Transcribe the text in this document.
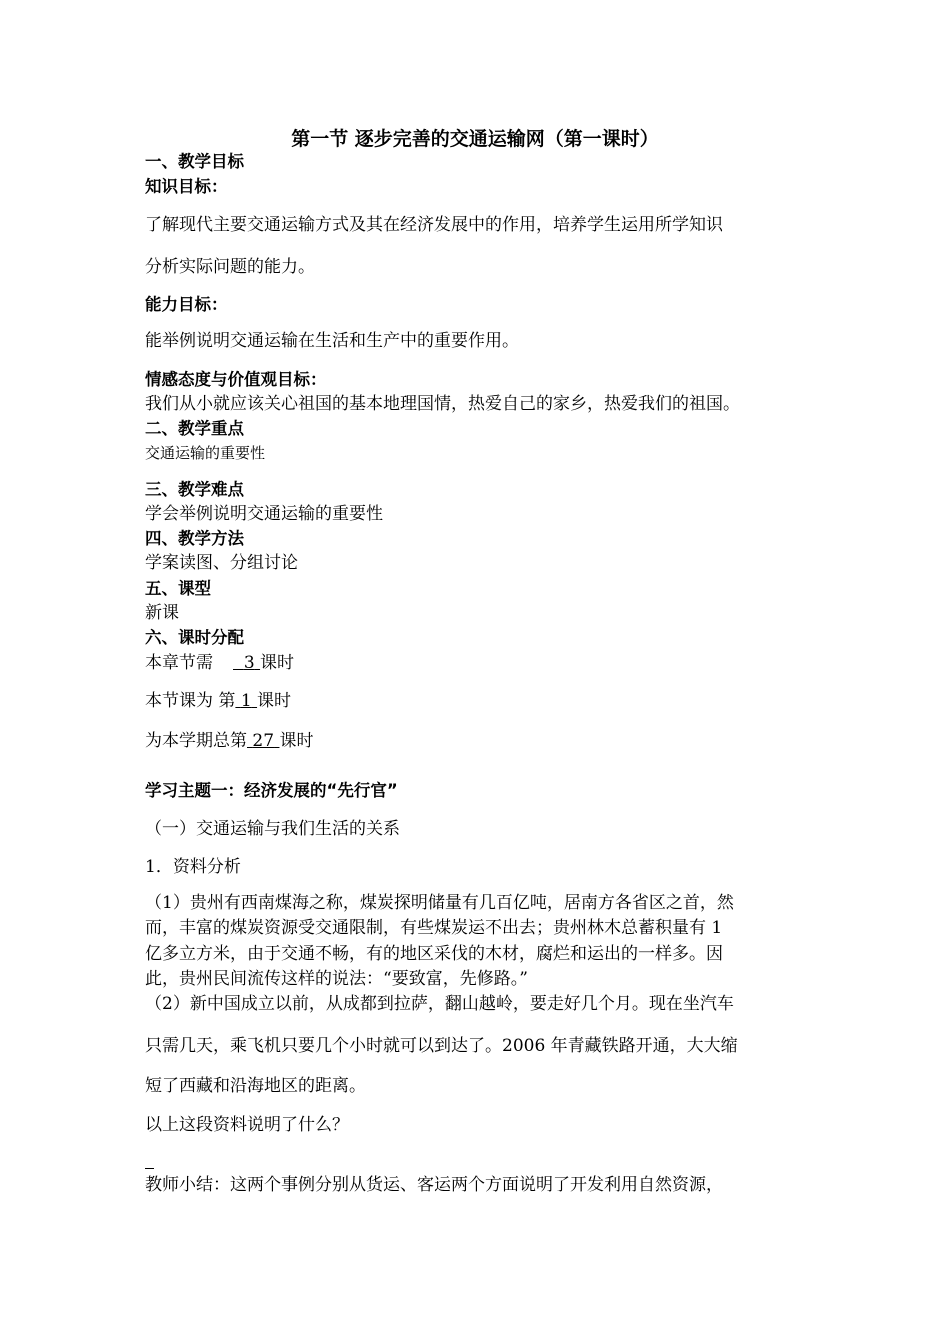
第一节 逐步完善的交通运输网（第一课时）
一、教学目标
知识目标：
了解现代主要交通运输方式及其在经济发展中的作用，培养学生运用所学知识
分析实际问题的能力。
能力目标：
能举例说明交通运输在生活和生产中的重要作用。
情感态度与价值观目标：
我们从小就应该关心祖国的基本地理国情，热爱自己的家乡，热爱我们的祖国。
二、教学重点
交通运输的重要性
三、教学难点
学会举例说明交通运输的重要性
四、教学方法
学案读图、分组讨论
五、课型
新课
六、课时分配
本章节需 3 课时
本节课为 第 1 课时
为本学期总第 27 课时
学习主题一：经济发展的“先行官”
（一）交通运输与我们生活的关系
1．资料分析
（1）贵州有西南煤海之称，煤炭探明储量有几百亿吨，居南方各省区之首，然
而，丰富的煤炭资源受交通限制，有些煤炭运不出去；贵州林木总蓄积量有 1
亿多立方米，由于交通不畅，有的地区采伐的木材，腐烂和运出的一样多。因
此，贵州民间流传这样的说法：“要致富，先修路。”
（2）新中国成立以前，从成都到拉萨，翻山越岭，要走好几个月。现在坐汽车
只需几天，乘飞机只要几个小时就可以到达了。2006 年青藏铁路开通，大大缩
短了西藏和沿海地区的距离。
以上这段资料说明了什么？
教师小结：这两个事例分别从货运、客运两个方面说明了开发利用自然资源，
